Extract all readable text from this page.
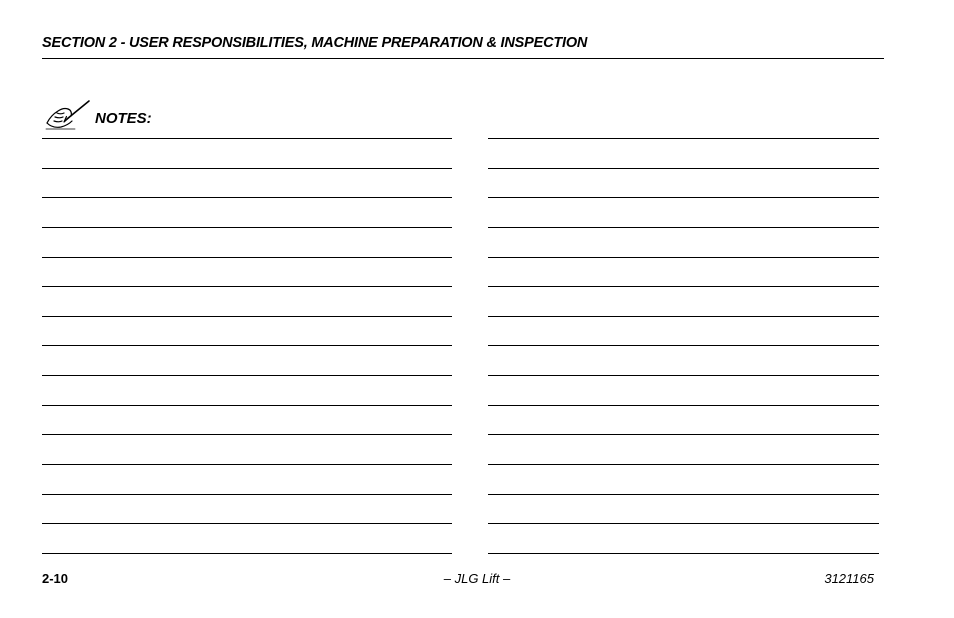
SECTION 2 - USER RESPONSIBILITIES, MACHINE PREPARATION & INSPECTION
NOTES:
2-10	– JLG Lift –	3121165
